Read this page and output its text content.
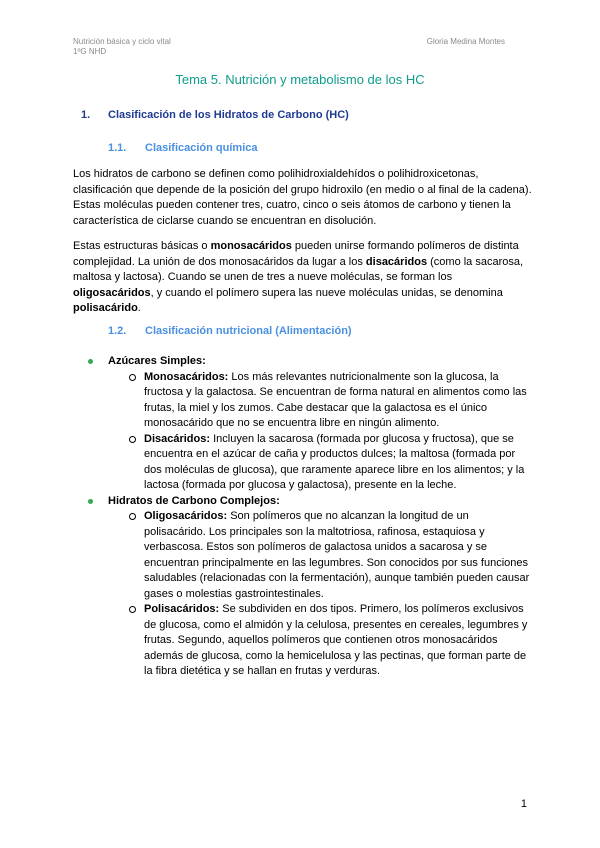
Nutrición básica y ciclo vital
1ºG NHD
Gloria Medina Montes
Tema 5. Nutrición y metabolismo de los HC
1. Clasificación de los Hidratos de Carbono (HC)
1.1. Clasificación química

Los hidratos de carbono se definen como polihidroxialdehídos o polihidroxicetonas, clasificación que depende de la posición del grupo hidroxilo (en medio o al final de la cadena). Estas moléculas pueden contener tres, cuatro, cinco o seis átomos de carbono y tienen la característica de ciclarse cuando se encuentran en disolución.

Estas estructuras básicas o monosacáridos pueden unirse formando polímeros de distinta complejidad. La unión de dos monosacáridos da lugar a los disacáridos (como la sacarosa, maltosa y lactosa). Cuando se unen de tres a nueve moléculas, se forman los oligosacáridos, y cuando el polímero supera las nueve moléculas unidas, se denomina polisacárido.

1.2. Clasificación nutricional (Alimentación)
Azúcares Simples:
Monosacáridos: Los más relevantes nutricionalmente son la glucosa, la fructosa y la galactosa. Se encuentran de forma natural en alimentos como las frutas, la miel y los zumos. Cabe destacar que la galactosa es el único monosacárido que no se encuentra libre en ningún alimento.
Disacáridos: Incluyen la sacarosa (formada por glucosa y fructosa), que se encuentra en el azúcar de caña y productos dulces; la maltosa (formada por dos moléculas de glucosa), que raramente aparece libre en los alimentos; y la lactosa (formada por glucosa y galactosa), presente en la leche.
Hidratos de Carbono Complejos:
Oligosacáridos: Son polímeros que no alcanzan la longitud de un polisacárido. Los principales son la maltotriosa, rafinosa, estaquiosa y verbascosa. Estos son polímeros de galactosa unidos a sacarosa y se encuentran principalmente en las legumbres. Son conocidos por sus funciones saludables (relacionadas con la fermentación), aunque también pueden causar gases o molestias gastrointestinales.
Polisacáridos: Se subdividen en dos tipos. Primero, los polímeros exclusivos de glucosa, como el almidón y la celulosa, presentes en cereales, legumbres y frutas. Segundo, aquellos polímeros que contienen otros monosacáridos además de glucosa, como la hemicelulosa y las pectinas, que forman parte de la fibra dietética y se hallan en frutas y verduras.
1
